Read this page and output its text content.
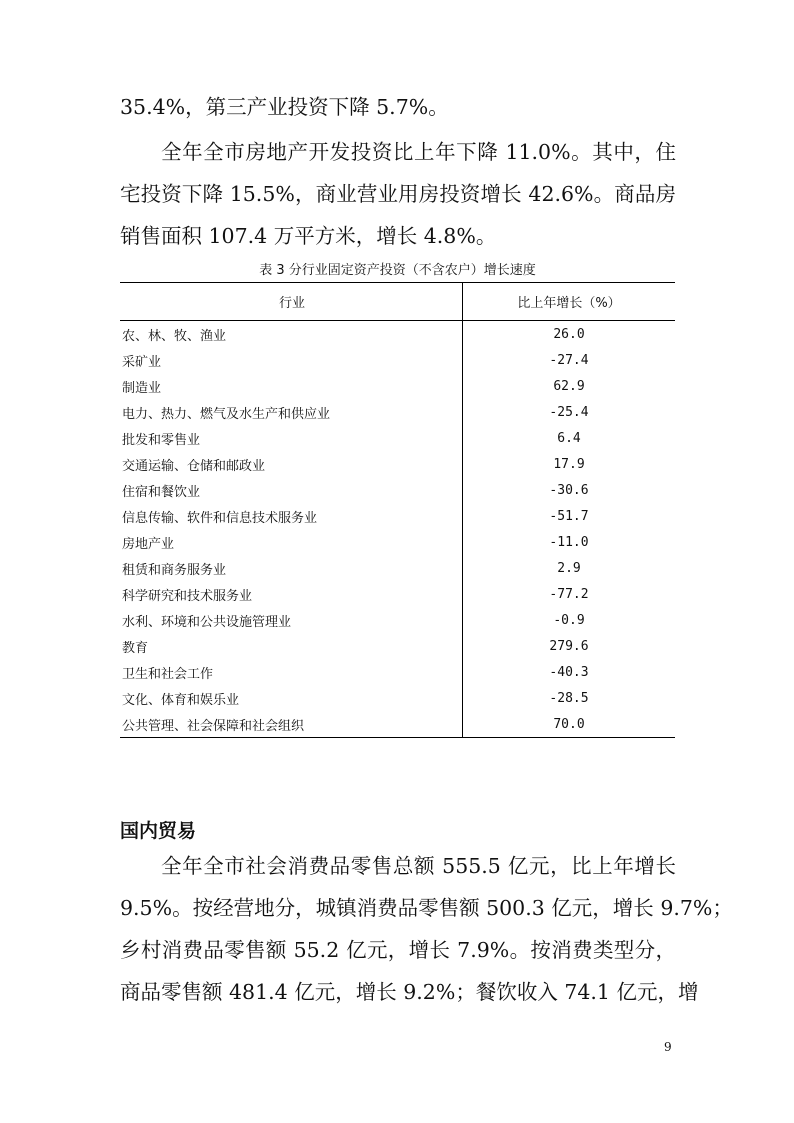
35.4%，第三产业投资下降 5.7%。
全年全市房地产开发投资比上年下降 11.0%。其中，住
宅投资下降 15.5%，商业营业用房投资增长 42.6%。商品房
销售面积 107.4 万平方米，增长 4.8%。
表 3 分行业固定资产投资（不含农户）增长速度
行业	比上年增长（%）
农、林、牧、渔业	26.0
采矿业	-27.4
制造业	62.9
电力、热力、燃气及水生产和供应业	-25.4
批发和零售业	6.4
交通运输、仓储和邮政业	17.9
住宿和餐饮业	-30.6
信息传输、软件和信息技术服务业	-51.7
房地产业	-11.0
租赁和商务服务业	2.9
科学研究和技术服务业	-77.2
水利、环境和公共设施管理业	-0.9
教育	279.6
卫生和社会工作	-40.3
文化、体育和娱乐业	-28.5
公共管理、社会保障和社会组织	70.0
国内贸易
全年全市社会消费品零售总额 555.5 亿元，比上年增长
9.5%。按经营地分，城镇消费品零售额 500.3 亿元，增长 9.7%；
乡村消费品零售额 55.2 亿元，增长 7.9%。按消费类型分，
商品零售额 481.4 亿元，增长 9.2%；餐饮收入 74.1 亿元，增
9
